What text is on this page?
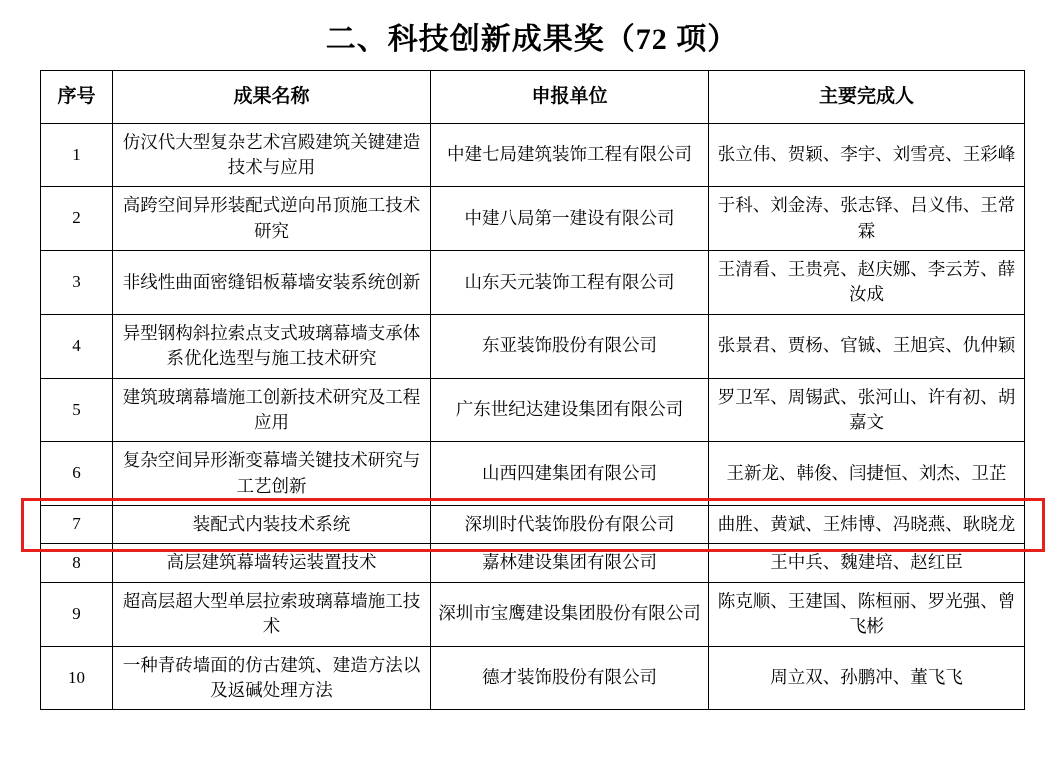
二、科技创新成果奖（72 项）
序号	成果名称	申报单位	主要完成人
1	仿汉代大型复杂艺术宫殿建筑关键建造技术与应用	中建七局建筑装饰工程有限公司	张立伟、贺颖、李宇、刘雪亮、王彩峰
2	高跨空间异形装配式逆向吊顶施工技术研究	中建八局第一建设有限公司	于科、刘金涛、张志铎、吕义伟、王常霖
3	非线性曲面密缝铝板幕墙安装系统创新	山东天元装饰工程有限公司	王清看、王贵亮、赵庆娜、李云芳、薛汝成
4	异型钢构斜拉索点支式玻璃幕墙支承体系优化选型与施工技术研究	东亚装饰股份有限公司	张景君、贾杨、官铖、王旭宾、仇仲颖
5	建筑玻璃幕墙施工创新技术研究及工程应用	广东世纪达建设集团有限公司	罗卫军、周锡武、张河山、许有初、胡嘉文
6	复杂空间异形渐变幕墙关键技术研究与工艺创新	山西四建集团有限公司	王新龙、韩俊、闫捷恒、刘杰、卫芷
7	装配式内装技术系统	深圳时代装饰股份有限公司	曲胜、黄斌、王炜博、冯晓燕、耿晓龙
8	高层建筑幕墙转运装置技术	嘉林建设集团有限公司	王中兵、魏建培、赵红臣
9	超高层超大型单层拉索玻璃幕墙施工技术	深圳市宝鹰建设集团股份有限公司	陈克顺、王建国、陈桓丽、罗光强、曾飞彬
10	一种青砖墙面的仿古建筑、建造方法以及返碱处理方法	德才装饰股份有限公司	周立双、孙鹏冲、董飞飞
